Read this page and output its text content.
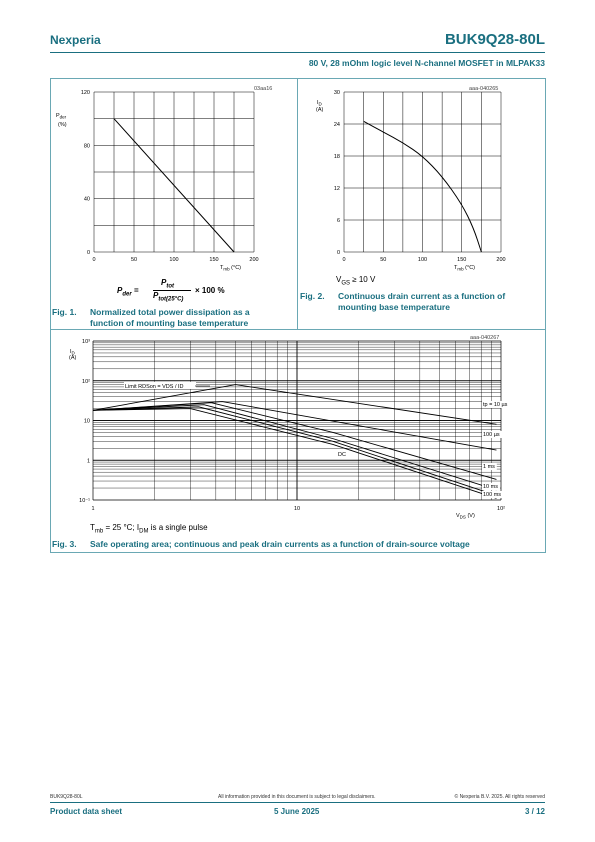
Nexperia	BUK9Q28-80L
80 V, 28 mOhm logic level N-channel MOSFET in MLPAK33
03aa16
$P_{der}$
(%)
$T_{mb}$ (°C)
0	50	100	150	200
0
40
80
120
$P_{der}$ =
$P_{tot}$
$P_{tot(25^\circ C)}$
× 100 %
Fig. 1. Normalized total power dissipation as a
function of mounting base temperature
aaa-040265
$I_D$
(A)
$T_{mb}$ (°C)
0	50	100	150	200
0
6
12
18
24
30
$V_{GS} \ge 10$ V
Fig. 2. Continuous drain current as a function of
mounting base temperature
aaa-040267
$I_D$
(A)
$V_{DS}$ (V)
1	10	10²
10⁻¹
1
10
10²
10³
tp = 10 µs
100 µs
1 ms
10 ms
100 ms
DC
Limit RDSon = VDS / ID
$T_{mb} = 25$ °C; $I_{DM}$ is a single pulse
Fig. 3. Safe operating area; continuous and peak drain currents as a function of drain-source voltage
BUK9Q28-80L	All information provided in this document is subject to legal disclaimers.	© Nexperia B.V. 2025. All rights reserved
Product data sheet	5 June 2025	3 / 12
